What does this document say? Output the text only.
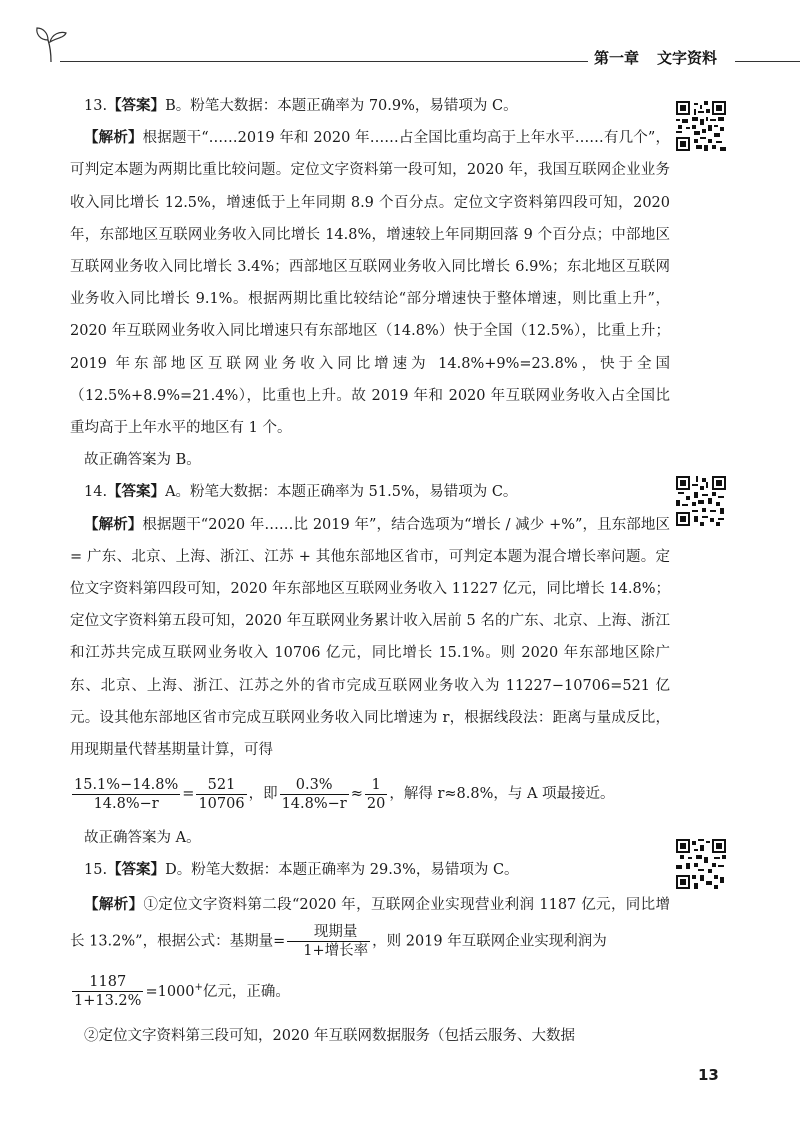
第一章 文字资料

13.【答案】B。粉笔大数据：本题正确率为 70.9%，易错项为 C。

【解析】根据题干“……2019 年和 2020 年……占全国比重均高于上年水平……有几个”，可判定本题为两期比重比较问题。定位文字资料第一段可知，2020 年，我国互联网企业业务收入同比增长 12.5%，增速低于上年同期 8.9 个百分点。定位文字资料第四段可知，2020 年，东部地区互联网业务收入同比增长 14.8%，增速较上年同期回落 9 个百分点；中部地区互联网业务收入同比增长 3.4%；西部地区互联网业务收入同比增长 6.9%；东北地区互联网业务收入同比增长 9.1%。根据两期比重比较结论“部分增速快于整体增速，则比重上升”，2020 年互联网业务收入同比增速只有东部地区（14.8%）快于全国（12.5%），比重上升；2019 年东部地区互联网业务收入同比增速为 14.8%+9%=23.8%，快于全国（12.5%+8.9%=21.4%），比重也上升。故 2019 年和 2020 年互联网业务收入占全国比重均高于上年水平的地区有 1 个。

故正确答案为 B。

14.【答案】A。粉笔大数据：本题正确率为 51.5%，易错项为 C。

【解析】根据题干“2020 年……比 2019 年”，结合选项为“增长 / 减少 +%”，且东部地区 = 广东、北京、上海、浙江、江苏 + 其他东部地区省市，可判定本题为混合增长率问题。定位文字资料第四段可知，2020 年东部地区互联网业务收入 11227 亿元，同比增长 14.8%；定位文字资料第五段可知，2020 年互联网业务累计收入居前 5 名的广东、北京、上海、浙江和江苏共完成互联网业务收入 10706 亿元，同比增长 15.1%。则 2020 年东部地区除广东、北京、上海、浙江、江苏之外的省市完成互联网业务收入为 11227−10706=521 亿元。设其他东部地区省市完成互联网业务收入同比增速为 r，根据线段法：距离与量成反比，用现期量代替基期量计算，可得

$\frac{15.1\%-14.8\%}{14.8\%-r} = \frac{521}{10706}$ ，即 $\frac{0.3\%}{14.8\%-r} \approx \frac{1}{20}$ ，解得 r≈8.8%，与 A 项最接近。

故正确答案为 A。

15.【答案】D。粉笔大数据：本题正确率为 29.3%，易错项为 C。

【解析】①定位文字资料第二段“2020 年，互联网企业实现营业利润 1187 亿元，同比增长 13.2%”，根据公式：基期量= $\frac{\text{现期量}}{\text{1+增长率}}$ ，则 2019 年互联网企业实现利润为

$\frac{1187}{1+13.2\%} =1000^+$亿元，正确。

②定位文字资料第三段可知，2020 年互联网数据服务（包括云服务、大数据

13
